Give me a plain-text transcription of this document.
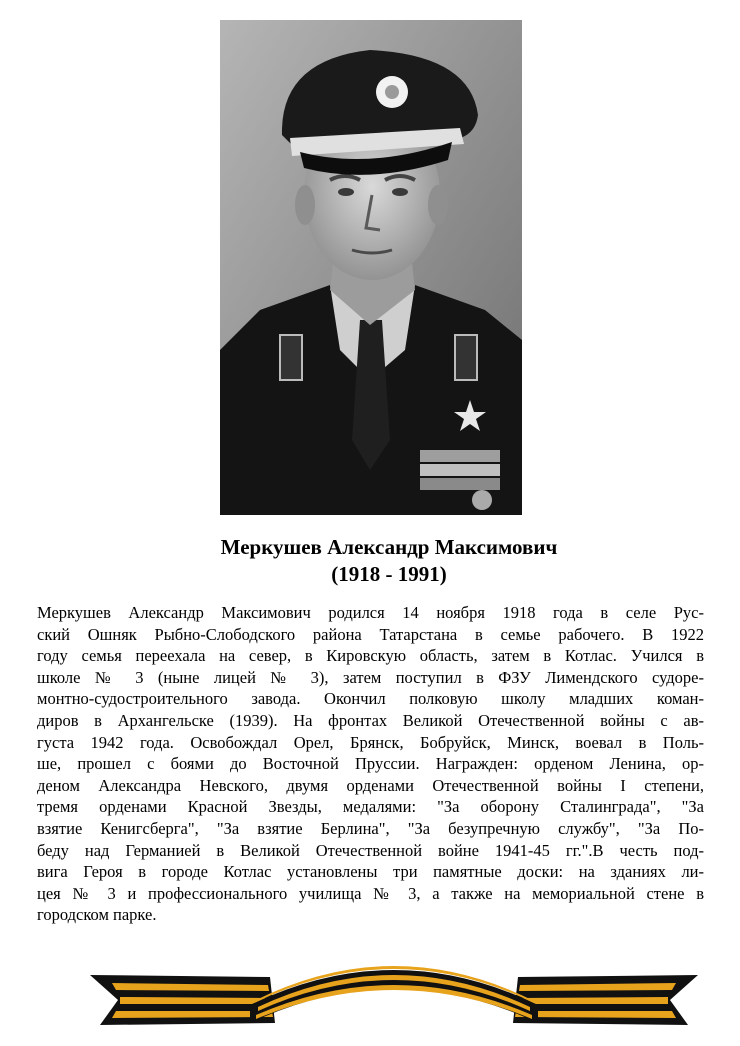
Меркушев Александр Максимович
(1918 - 1991)
Меркушев Александр Максимович родился 14 ноября 1918 года в селе Рус-
ский Ошняк Рыбно-Слободского района Татарстана в семье рабочего. В 1922
году семья переехала на север, в Кировскую область, затем в Котлас. Учился в
школе № 3 (ныне лицей № 3), затем поступил в ФЗУ Лимендского судоре-
монтно-судостроительного завода. Окончил полковую школу младших коман-
диров в Архангельске (1939). На фронтах Великой Отечественной войны с ав-
густа 1942 года. Освобождал Орел, Брянск, Бобруйск, Минск, воевал в Поль-
ше, прошел с боями до Восточной Пруссии. Награжден: орденом Ленина, ор-
деном Александра Невского, двумя орденами Отечественной войны I степени,
тремя орденами Красной Звезды, медалями: "За оборону Сталинграда", "За
взятие Кенигсберга", "За взятие Берлина", "За безупречную службу", "За По-
беду над Германией в Великой Отечественной войне 1941-45 гг.".В честь под-
вига Героя в городе Котлас установлены три памятные доски: на зданиях ли-
цея № 3 и профессионального училища № 3, а также на мемориальной стене в
городском парке.
